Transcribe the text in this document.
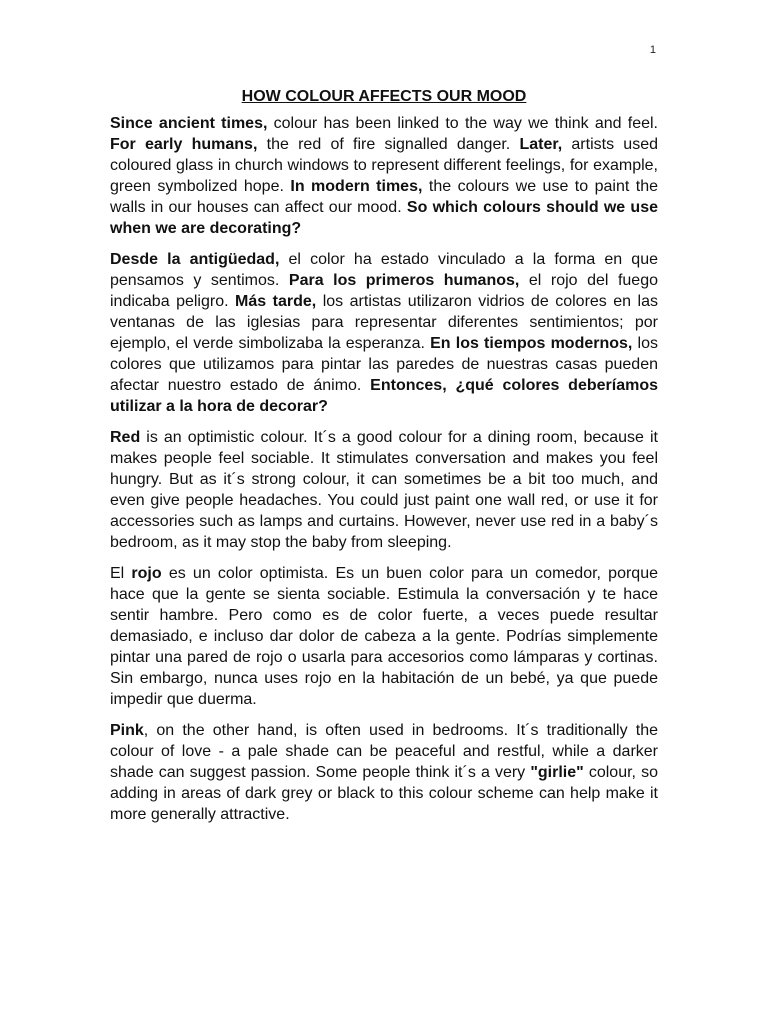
1
HOW COLOUR AFFECTS OUR MOOD

Since ancient times, colour has been linked to the way we think and feel. For early humans, the red of fire signalled danger. Later, artists used coloured glass in church windows to represent different feelings, for example, green symbolized hope. In modern times, the colours we use to paint the walls in our houses can affect our mood. So which colours should we use when we are decorating?

Desde la antigüedad, el color ha estado vinculado a la forma en que pensamos y sentimos. Para los primeros humanos, el rojo del fuego indicaba peligro. Más tarde, los artistas utilizaron vidrios de colores en las ventanas de las iglesias para representar diferentes sentimientos; por ejemplo, el verde simbolizaba la esperanza. En los tiempos modernos, los colores que utilizamos para pintar las paredes de nuestras casas pueden afectar nuestro estado de ánimo. Entonces, ¿qué colores deberíamos utilizar a la hora de decorar?

Red is an optimistic colour. It´s a good colour for a dining room, because it makes people feel sociable. It stimulates conversation and makes you feel hungry. But as it´s strong colour, it can sometimes be a bit too much, and even give people headaches. You could just paint one wall red, or use it for accessories such as lamps and curtains. However, never use red in a baby´s bedroom, as it may stop the baby from sleeping.

El rojo es un color optimista. Es un buen color para un comedor, porque hace que la gente se sienta sociable. Estimula la conversación y te hace sentir hambre. Pero como es de color fuerte, a veces puede resultar demasiado, e incluso dar dolor de cabeza a la gente. Podrías simplemente pintar una pared de rojo o usarla para accesorios como lámparas y cortinas. Sin embargo, nunca uses rojo en la habitación de un bebé, ya que puede impedir que duerma.

Pink, on the other hand, is often used in bedrooms. It´s traditionally the colour of love - a pale shade can be peaceful and restful, while a darker shade can suggest passion. Some people think it´s a very "girlie" colour, so adding in areas of dark grey or black to this colour scheme can help make it more generally attractive.
